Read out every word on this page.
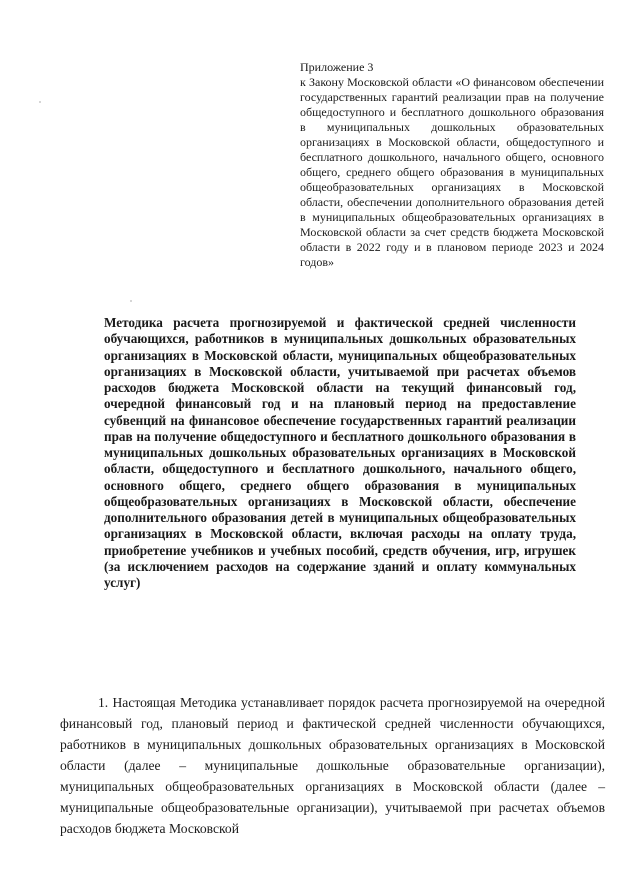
Приложение 3
к Закону Московской области «О финансовом обеспечении государственных гарантий реализации прав на получение общедоступного и бесплатного дошкольного образования в муниципальных дошкольных образовательных организациях в Московской области, общедоступного и бесплатного дошкольного, начального общего, основного общего, среднего общего образования в муниципальных общеобразовательных организациях в Московской области, обеспечении дополнительного образования детей в муниципальных общеобразовательных организациях в Московской области за счет средств бюджета Московской области в 2022 году и в плановом периоде 2023 и 2024 годов»
Методика расчета прогнозируемой и фактической средней численности обучающихся, работников в муниципальных дошкольных образовательных организациях в Московской области, муниципальных общеобразовательных организациях в Московской области, учитываемой при расчетах объемов расходов бюджета Московской области на текущий финансовый год, очередной финансовый год и на плановый период на предоставление субвенций на финансовое обеспечение государственных гарантий реализации прав на получение общедоступного и бесплатного дошкольного образования в муниципальных дошкольных образовательных организациях в Московской области, общедоступного и бесплатного дошкольного, начального общего, основного общего, среднего общего образования в муниципальных общеобразовательных организациях в Московской области, обеспечение дополнительного образования детей в муниципальных общеобразовательных организациях в Московской области, включая расходы на оплату труда, приобретение учебников и учебных пособий, средств обучения, игр, игрушек (за исключением расходов на содержание зданий и оплату коммунальных услуг)
1. Настоящая Методика устанавливает порядок расчета прогнозируемой на очередной финансовый год, плановый период и фактической средней численности обучающихся, работников в муниципальных дошкольных образовательных организациях в Московской области (далее – муниципальные дошкольные образовательные организации), муниципальных общеобразовательных организациях в Московской области (далее – муниципальные общеобразовательные организации), учитываемой при расчетах объемов расходов бюджета Московской
